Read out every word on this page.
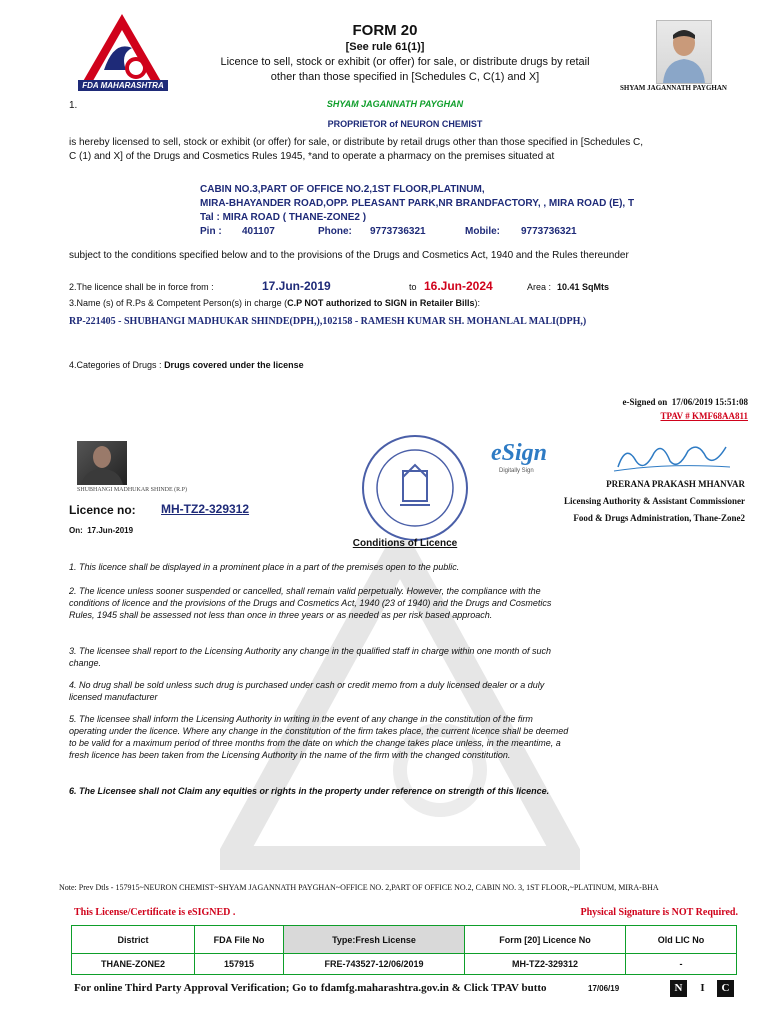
FDA MAHARASHTRA
FORM 20
[See rule 61(1)]
Licence to sell, stock or exhibit (or offer) for sale, or distribute drugs by retail
other than those specified in [Schedules C, C(1) and X]
SHYAM JAGANNATH PAYGHAN
1.	SHYAM JAGANNATH PAYGHAN
PROPRIETOR of NEURON CHEMIST
is hereby licensed to sell, stock or exhibit (or offer) for sale, or distribute by retail drugs other than those specified in [Schedules C, C (1) and X] of the Drugs and Cosmetics Rules 1945, *and to operate a pharmacy on the premises situated at
CABIN NO.3,PART OF OFFICE NO.2,1ST FLOOR,PLATINUM,
MIRA-BHAYANDER ROAD,OPP. PLEASANT PARK,NR BRANDFACTORY, , MIRA ROAD (E), T
Tal : MIRA ROAD ( THANE-ZONE2 )
Pin : 401107	Phone: 9773736321	Mobile: 9773736321
subject to the conditions specified below and to the provisions of the Drugs and Cosmetics Act, 1940 and the Rules thereunder
2.The licence shall be in force from :	17.Jun-2019	to 16.Jun-2024	Area : 10.41 SqMts
3.Name (s) of R.Ps & Competent Person(s) in charge (C.P NOT authorized to SIGN in Retailer Bills):
RP-221405 - SHUBHANGI MADHUKAR SHINDE(DPH,),102158 - RAMESH KUMAR SH. MOHANLAL MALI(DPH,)
4.Categories of Drugs : Drugs covered under the license
e-Signed on 17/06/2019 15:51:08
TPAV # KMF68AA811
SHUBHANGI MADHUKAR SHINDE (R.P)
eSign
Digitally Sign
PRERANA PRAKASH MHANVAR
Licensing Authority & Assistant Commissioner
Food & Drugs Administration, Thane-Zone2
Licence no: MH-TZ2-329312
On: 17.Jun-2019
Conditions of Licence
1. This licence shall be displayed in a prominent place in a part of the premises open to the public.
2. The licence unless sooner suspended or cancelled, shall remain valid perpetually. However, the compliance with the conditions of licence and the provisions of the Drugs and Cosmetics Act, 1940 (23 of 1940) and the Drugs and Cosmetics Rules, 1945 shall be assessed not less than once in three years or as needed as per risk based approach.
3. The licensee shall report to the Licensing Authority any change in the qualified staff in charge within one month of such change.
4. No drug shall be sold unless such drug is purchased under cash or credit memo from a duly licensed dealer or a duly licensed manufacturer
5. The licensee shall inform the Licensing Authority in writing in the event of any change in the constitution of the firm operating under the licence. Where any change in the constitution of the firm takes place, the current licence shall be deemed to be valid for a maximum period of three months from the date on which the change takes place unless, in the meantime, a fresh licence has been taken from the Licensing Authority in the name of the firm with the changed constitution.
6. The Licensee shall not Claim any equities or rights in the property under reference on strength of this licence.
Note: Prev Dtls - 157915~NEURON CHEMIST~SHYAM JAGANNATH PAYGHAN~OFFICE NO. 2,PART OF OFFICE NO.2, CABIN NO. 3, 1ST FLOOR,~PLATINUM, MIRA-BHA
This License/Certificate is eSIGNED .	Physical Signature is NOT Required.
District	FDA File No	Type:Fresh License	Form [20] Licence No	Old LIC No
THANE-ZONE2	157915	FRE-743527-12/06/2019	MH-TZ2-329312	-
For online Third Party Approval Verification; Go to fdamfg.maharashtra.gov.in & Click TPAV butto	17/06/19	N	I	C
